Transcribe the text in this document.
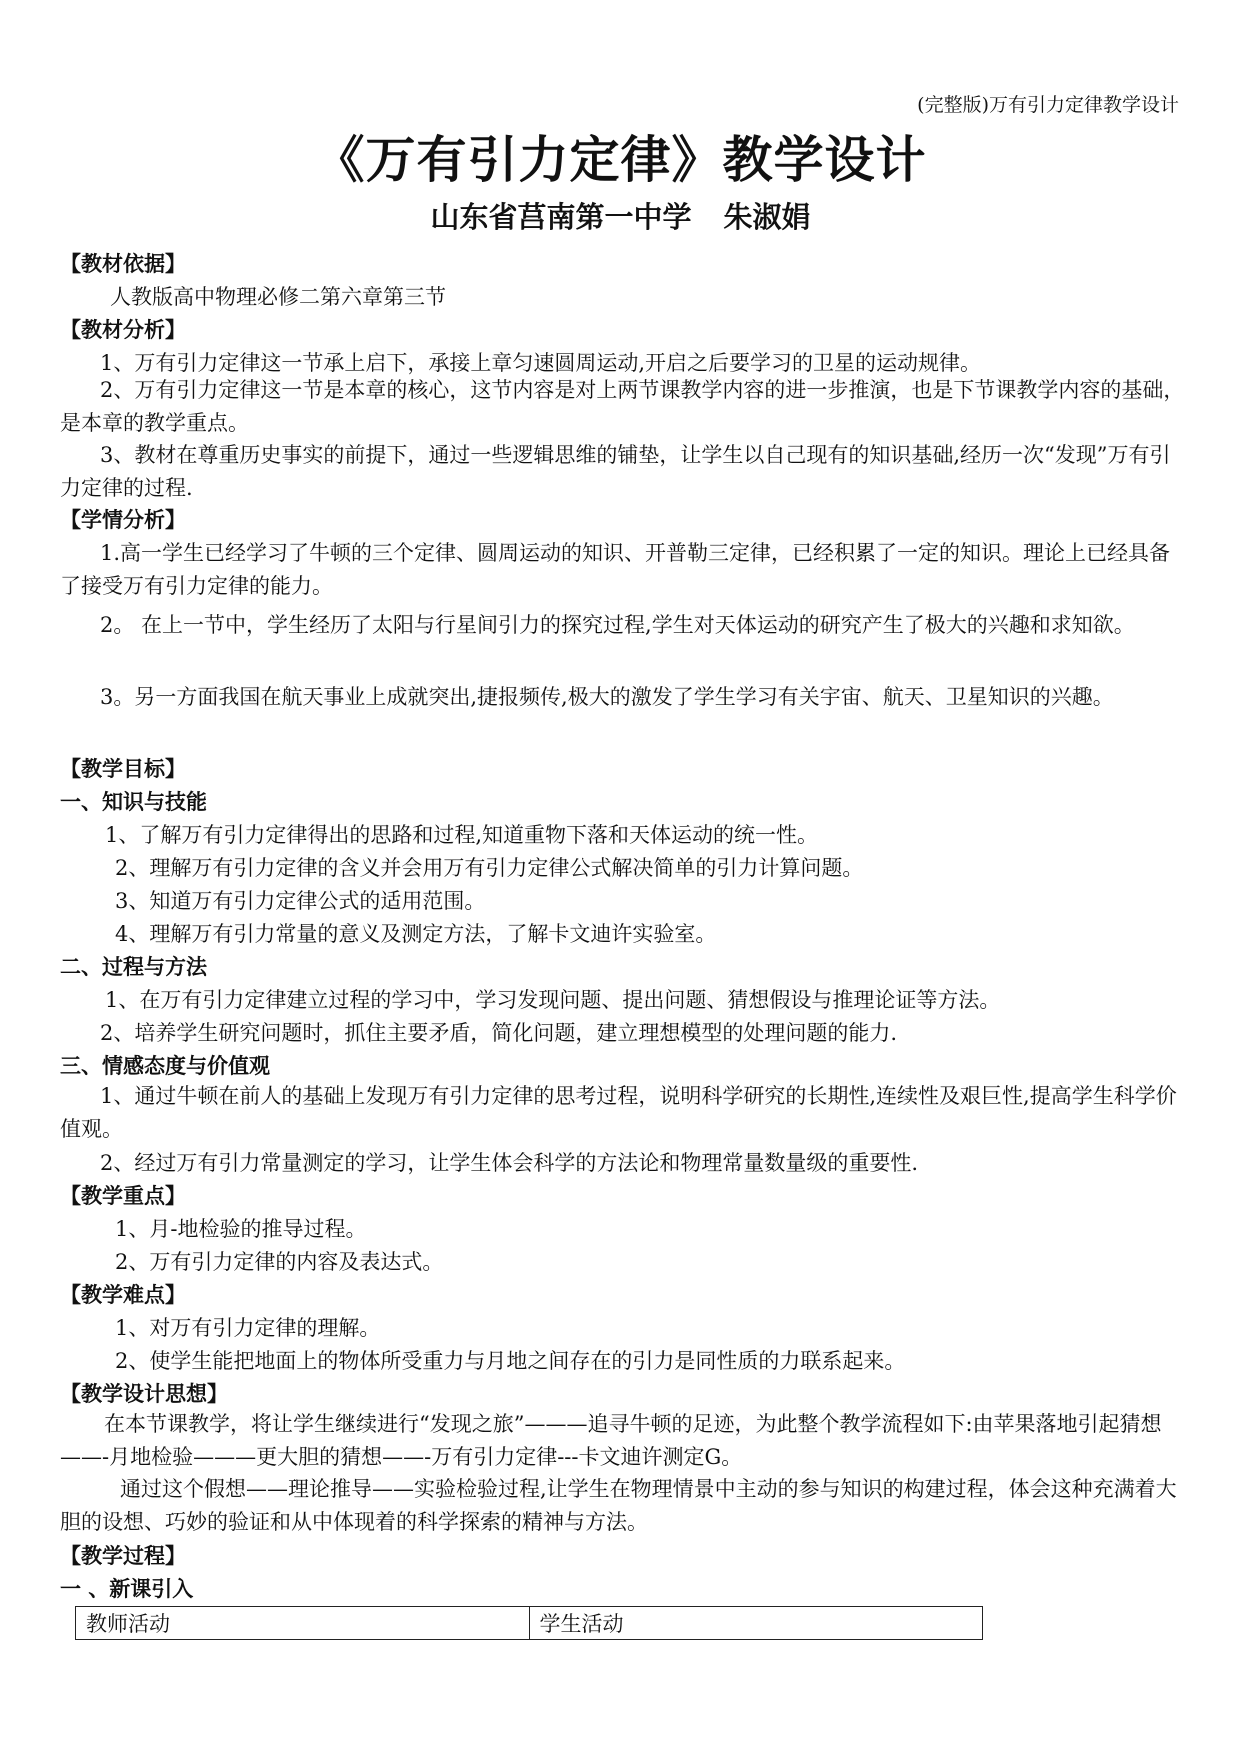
(完整版)万有引力定律教学设计
《万有引力定律》教学设计
山东省莒南第一中学 朱淑娟
【教材依据】
人教版高中物理必修二第六章第三节
【教材分析】
1、万有引力定律这一节承上启下，承接上章匀速圆周运动,开启之后要学习的卫星的运动规律。
2、万有引力定律这一节是本章的核心，这节内容是对上两节课教学内容的进一步推演，也是下节课教学内容的基础，是本章的教学重点。
3、教材在尊重历史事实的前提下，通过一些逻辑思维的铺垫，让学生以自己现有的知识基础,经历一次“发现”万有引力定律的过程.
【学情分析】
1.高一学生已经学习了牛顿的三个定律、圆周运动的知识、开普勒三定律，已经积累了一定的知识。理论上已经具备了接受万有引力定律的能力。
2。 在上一节中，学生经历了太阳与行星间引力的探究过程,学生对天体运动的研究产生了极大的兴趣和求知欲。
3。另一方面我国在航天事业上成就突出,捷报频传,极大的激发了学生学习有关宇宙、航天、卫星知识的兴趣。
【教学目标】
一、知识与技能
1、了解万有引力定律得出的思路和过程,知道重物下落和天体运动的统一性。
2、理解万有引力定律的含义并会用万有引力定律公式解决简单的引力计算问题。
3、知道万有引力定律公式的适用范围。
4、理解万有引力常量的意义及测定方法，了解卡文迪许实验室。
二、过程与方法
1、在万有引力定律建立过程的学习中，学习发现问题、提出问题、猜想假设与推理论证等方法。
2、培养学生研究问题时，抓住主要矛盾，简化问题，建立理想模型的处理问题的能力.
三、情感态度与价值观
1、通过牛顿在前人的基础上发现万有引力定律的思考过程，说明科学研究的长期性,连续性及艰巨性,提高学生科学价值观。
2、经过万有引力常量测定的学习，让学生体会科学的方法论和物理常量数量级的重要性.
【教学重点】
1、月-地检验的推导过程。
2、万有引力定律的内容及表达式。
【教学难点】
1、对万有引力定律的理解。
2、使学生能把地面上的物体所受重力与月地之间存在的引力是同性质的力联系起来。
【教学设计思想】
在本节课教学，将让学生继续进行“发现之旅”———追寻牛顿的足迹，为此整个教学流程如下:由苹果落地引起猜想——-月地检验———更大胆的猜想——-万有引力定律---卡文迪许测定G。
通过这个假想——理论推导——实验检验过程,让学生在物理情景中主动的参与知识的构建过程，体会这种充满着大胆的设想、巧妙的验证和从中体现着的科学探索的精神与方法。
【教学过程】
一 、新课引入
教师活动	学生活动
